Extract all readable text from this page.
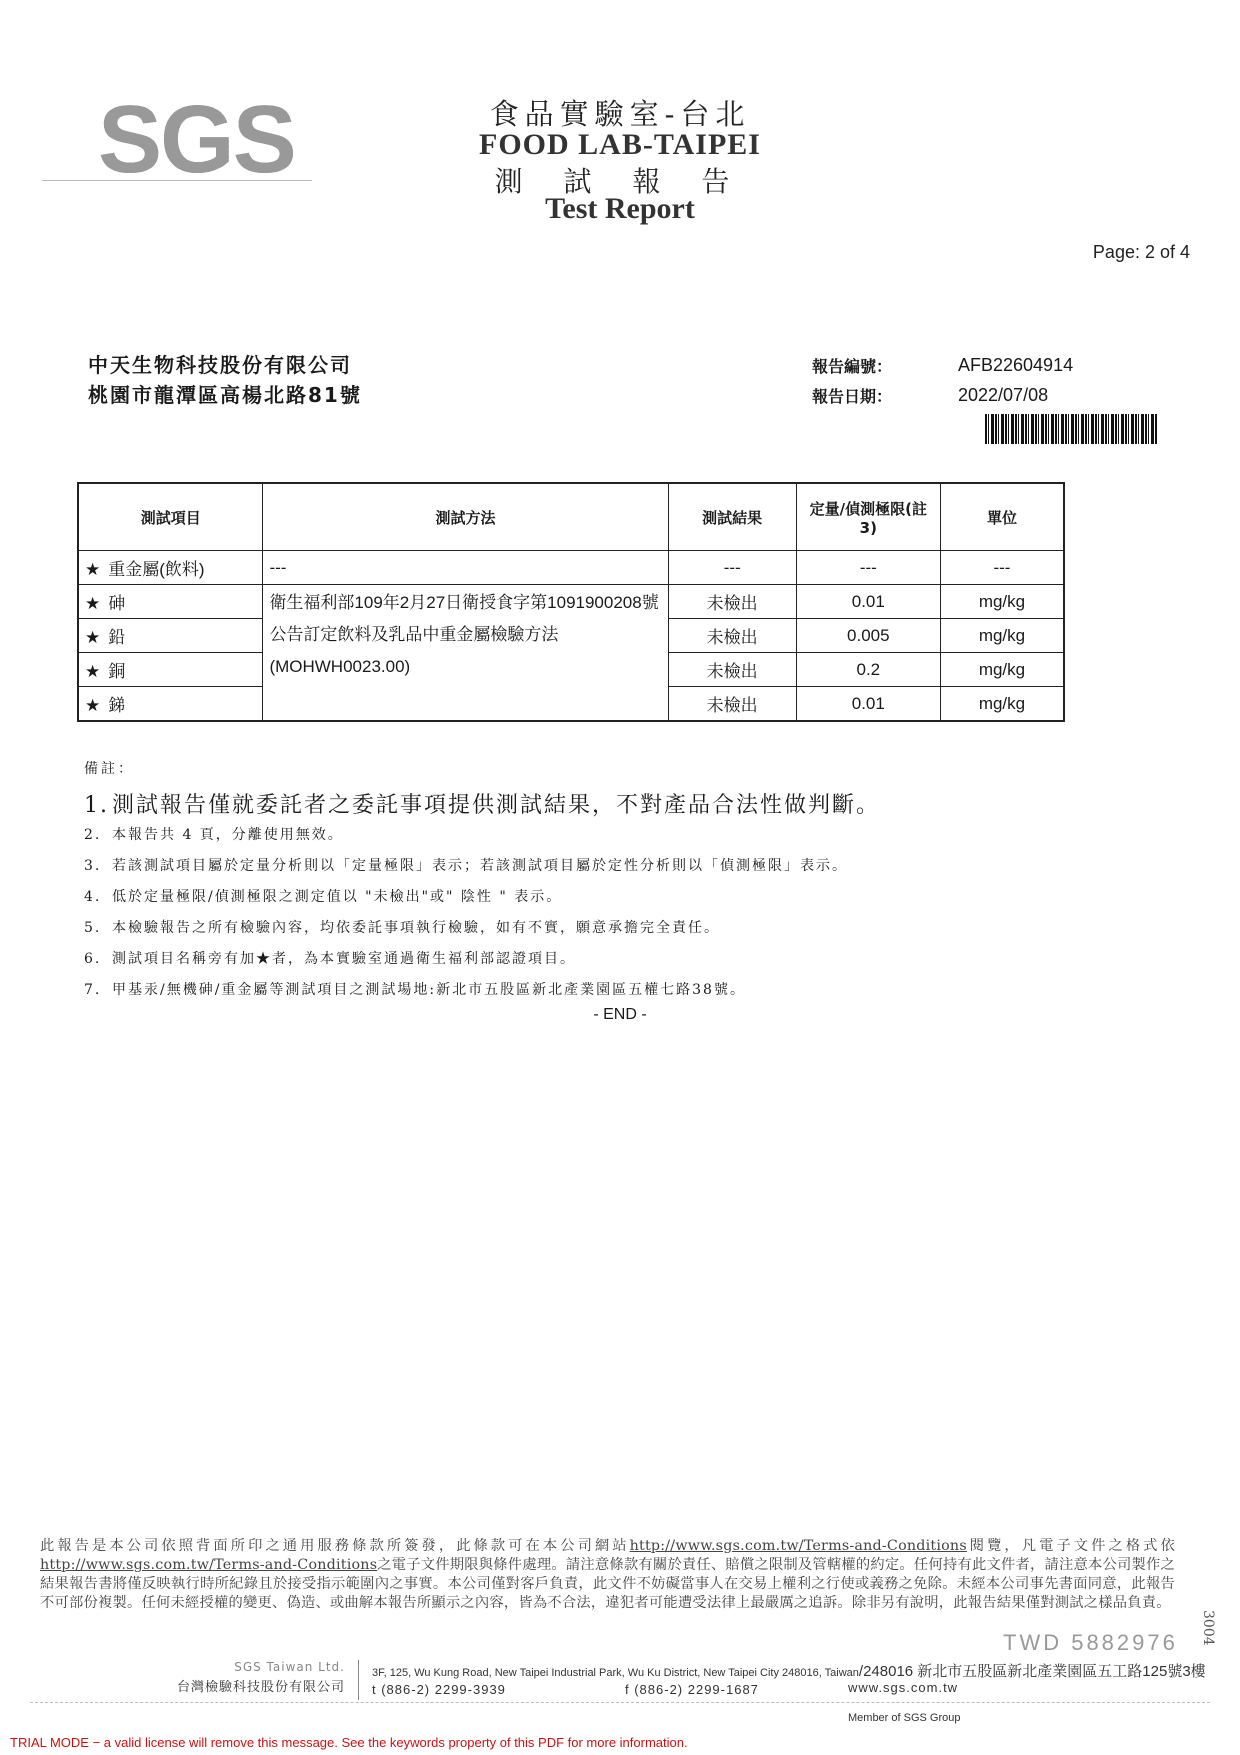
SGS	食品實驗室-台北
FOOD LAB-TAIPEI
測 試 報 告
Test Report
Page: 2 of 4
中天生物科技股份有限公司
桃園市龍潭區高楊北路81號
報告編號：
報告日期：
AFB22604914
2022/07/08
測試項目	測試方法	測試結果	定量/偵測極限(註3)	單位
★ 重金屬(飲料)	---	---	---	---
★ 砷	衛生福利部109年2月27日衛授食字第1091900208號公告訂定飲料及乳品中重金屬檢驗方法(MOHWH0023.00)	未檢出	0.01	mg/kg
★ 鉛		未檢出	0.005	mg/kg
★ 銅		未檢出	0.2	mg/kg
★ 銻		未檢出	0.01	mg/kg
備註：
1. 測試報告僅就委託者之委託事項提供測試結果，不對產品合法性做判斷。
2. 本報告共 4 頁，分離使用無效。
3. 若該測試項目屬於定量分析則以「定量極限」表示；若該測試項目屬於定性分析則以「偵測極限」表示。
4. 低於定量極限/偵測極限之測定值以 "未檢出"或" 陰性 " 表示。
5. 本檢驗報告之所有檢驗內容，均依委託事項執行檢驗，如有不實，願意承擔完全責任。
6. 測試項目名稱旁有加★者，為本實驗室通過衛生福利部認證項目。
7. 甲基汞/無機砷/重金屬等測試項目之測試場地:新北市五股區新北產業園區五權七路38號。
- END -
此報告是本公司依照背面所印之通用服務條款所簽發，此條款可在本公司網站http://www.sgs.com.tw/Terms-and-Conditions閱覽，凡電子文件之格式依http://www.sgs.com.tw/Terms-and-Conditions之電子文件期限與條件處理。請注意條款有關於責任、賠償之限制及管轄權的約定。任何持有此文件者，請注意本公司製作之結果報告書將僅反映執行時所紀錄且於接受指示範圍內之事實。本公司僅對客戶負責，此文件不妨礙當事人在交易上權利之行使或義務之免除。未經本公司事先書面同意，此報告不可部份複製。任何未經授權的變更、偽造、或曲解本報告所顯示之內容，皆為不合法，違犯者可能遭受法律上最嚴厲之追訴。除非另有說明，此報告結果僅對測試之樣品負責。
TWD 5882976 3004
SGS Taiwan Ltd.
台灣檢驗科技股份有限公司
3F, 125, Wu Kung Road, New Taipei Industrial Park, Wu Ku District, New Taipei City 248016, Taiwan/248016 新北市五股區新北產業園區五工路125號3樓
t (886-2) 2299-3939	f (886-2) 2299-1687	www.sgs.com.tw
Member of SGS Group
TRIAL MODE − a valid license will remove this message. See the keywords property of this PDF for more information.
